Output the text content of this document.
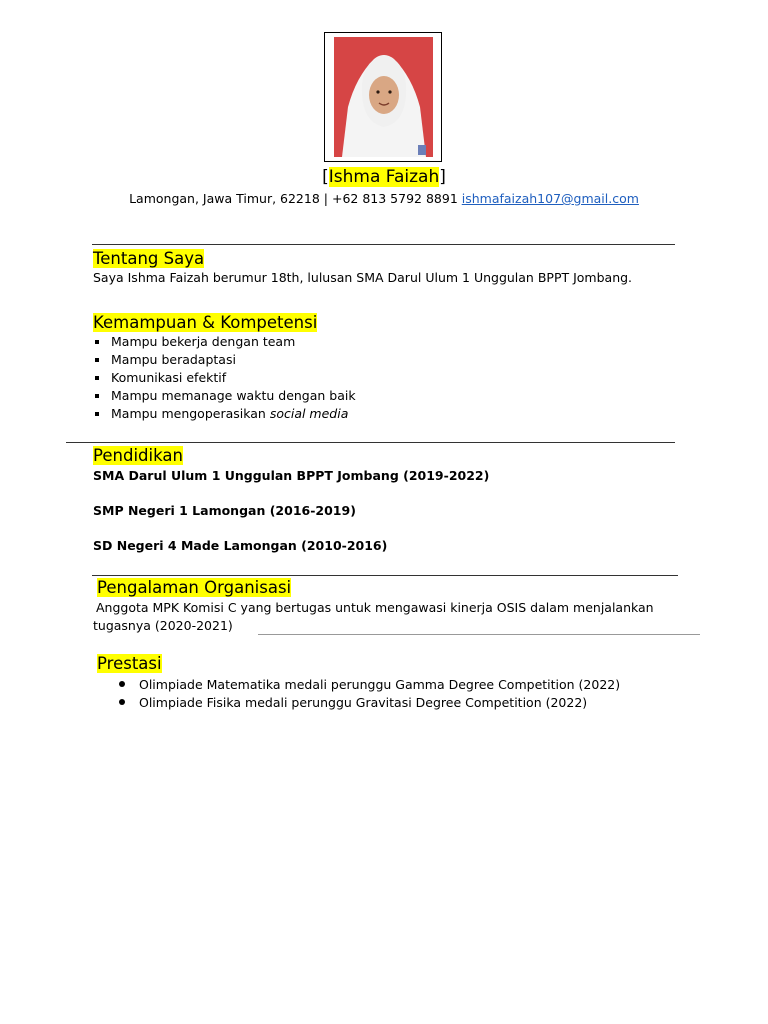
[Ishma Faizah]
Lamongan, Jawa Timur, 62218 | +62 813 5792 8891 ishmafaizah107@gmail.com
Tentang Saya
Saya Ishma Faizah berumur 18th, lulusan SMA Darul Ulum 1 Unggulan BPPT Jombang.
Kemampuan & Kompetensi
Mampu bekerja dengan team
Mampu beradaptasi
Komunikasi efektif
Mampu memanage waktu dengan baik
Mampu mengoperasikan social media
Pendidikan
SMA Darul Ulum 1 Unggulan BPPT Jombang (2019-2022)
SMP Negeri 1 Lamongan (2016-2019)
SD Negeri 4 Made Lamongan (2010-2016)
Pengalaman Organisasi
Anggota MPK Komisi C yang bertugas untuk mengawasi kinerja OSIS dalam menjalankan
tugasnya (2020-2021)
Prestasi
Olimpiade Matematika medali perunggu Gamma Degree Competition (2022)
Olimpiade Fisika medali perunggu Gravitasi Degree Competition (2022)
